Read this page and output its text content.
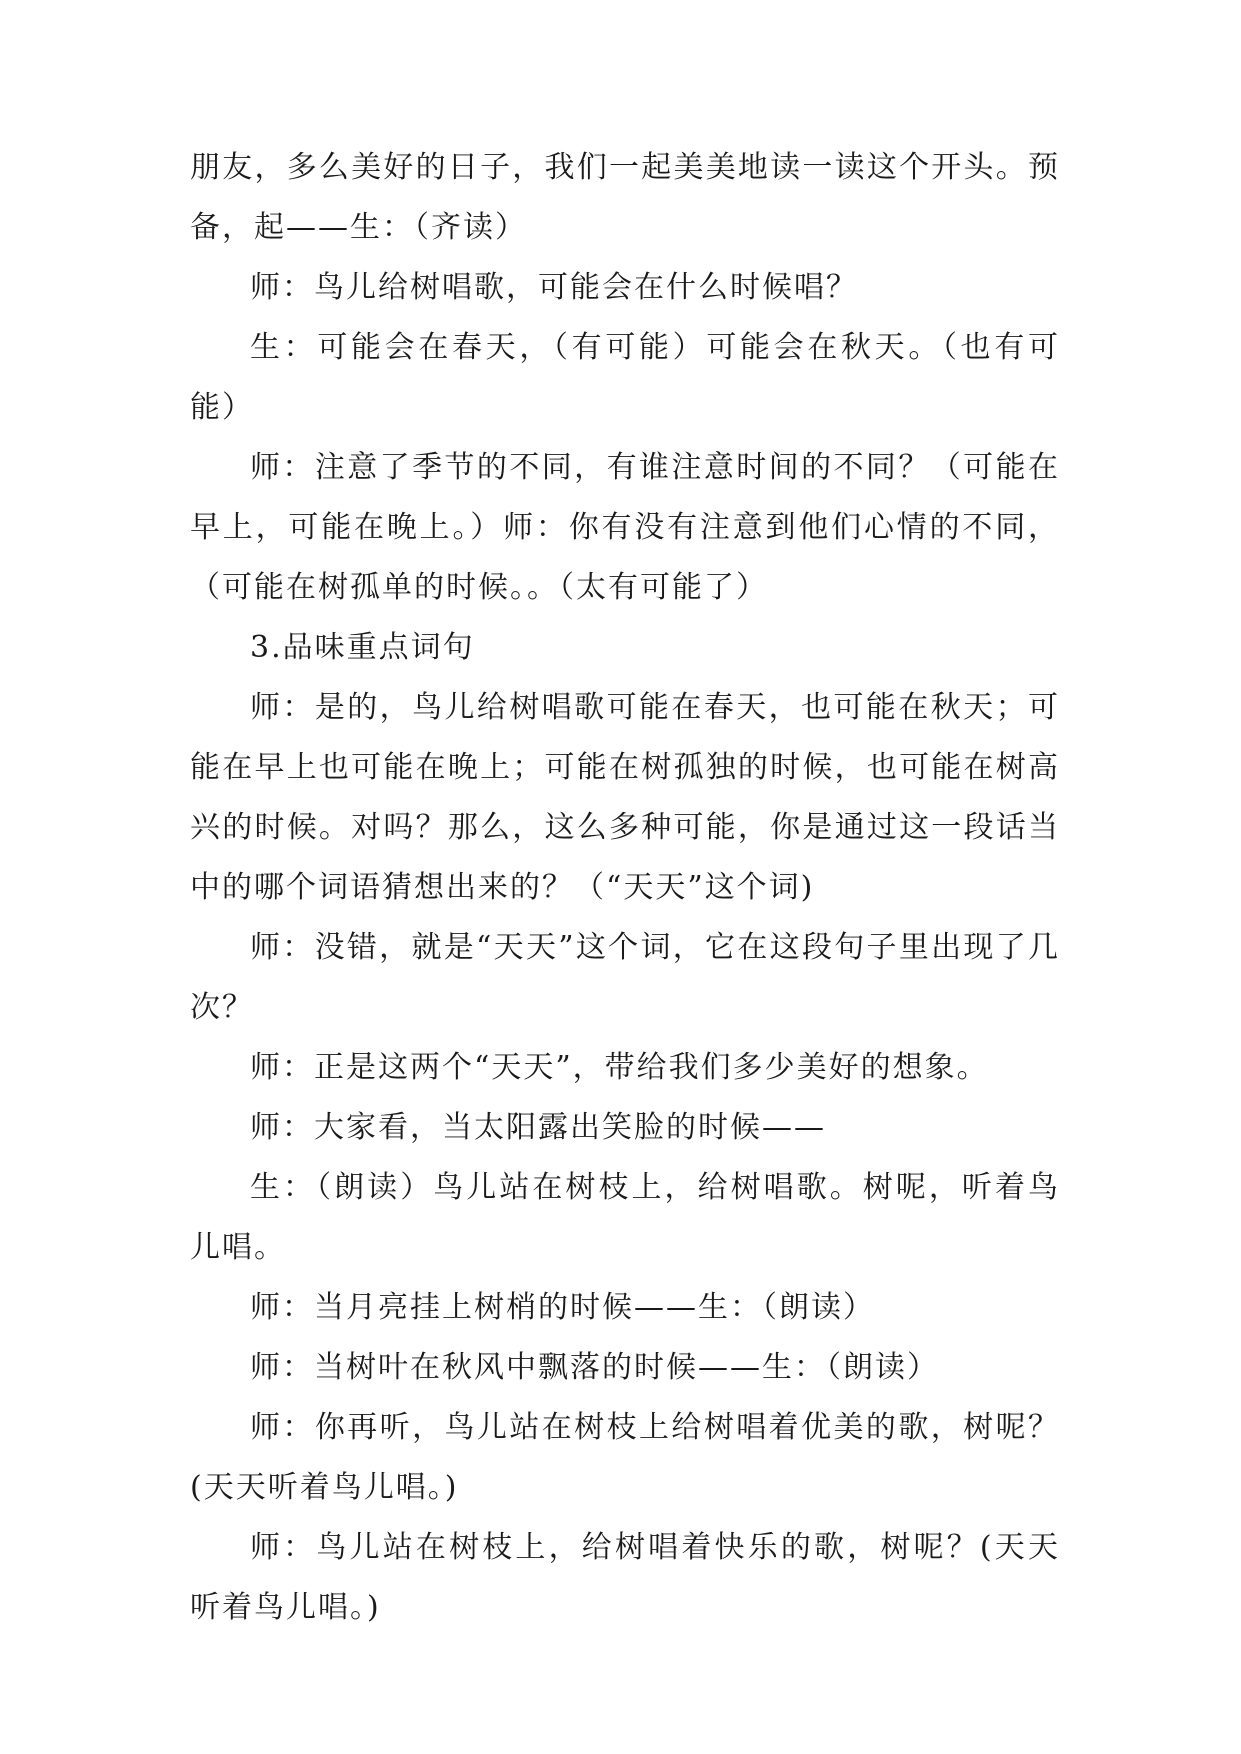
朋友，多么美好的日子，我们一起美美地读一读这个开头。预备，起——生：（齐读）

师：鸟儿给树唱歌，可能会在什么时候唱？

生：可能会在春天，（有可能）可能会在秋天。（也有可能）

师：注意了季节的不同，有谁注意时间的不同？（可能在早上，可能在晚上。）师：你有没有注意到他们心情的不同，（可能在树孤单的时候。。（太有可能了）

3.品味重点词句

师：是的，鸟儿给树唱歌可能在春天，也可能在秋天；可能在早上也可能在晚上；可能在树孤独的时候，也可能在树高兴的时候。对吗？那么，这么多种可能，你是通过这一段话当中的哪个词语猜想出来的？（“天天”这个词)

师：没错，就是“天天”这个词，它在这段句子里出现了几次？

师：正是这两个“天天”，带给我们多少美好的想象。

师：大家看，当太阳露出笑脸的时候——

生：（朗读）鸟儿站在树枝上，给树唱歌。树呢，听着鸟儿唱。

师：当月亮挂上树梢的时候——生：（朗读）

师：当树叶在秋风中飘落的时候——生：（朗读）

师：你再听，鸟儿站在树枝上给树唱着优美的歌，树呢？(天天听着鸟儿唱。)

师：鸟儿站在树枝上，给树唱着快乐的歌，树呢？(天天听着鸟儿唱。)
